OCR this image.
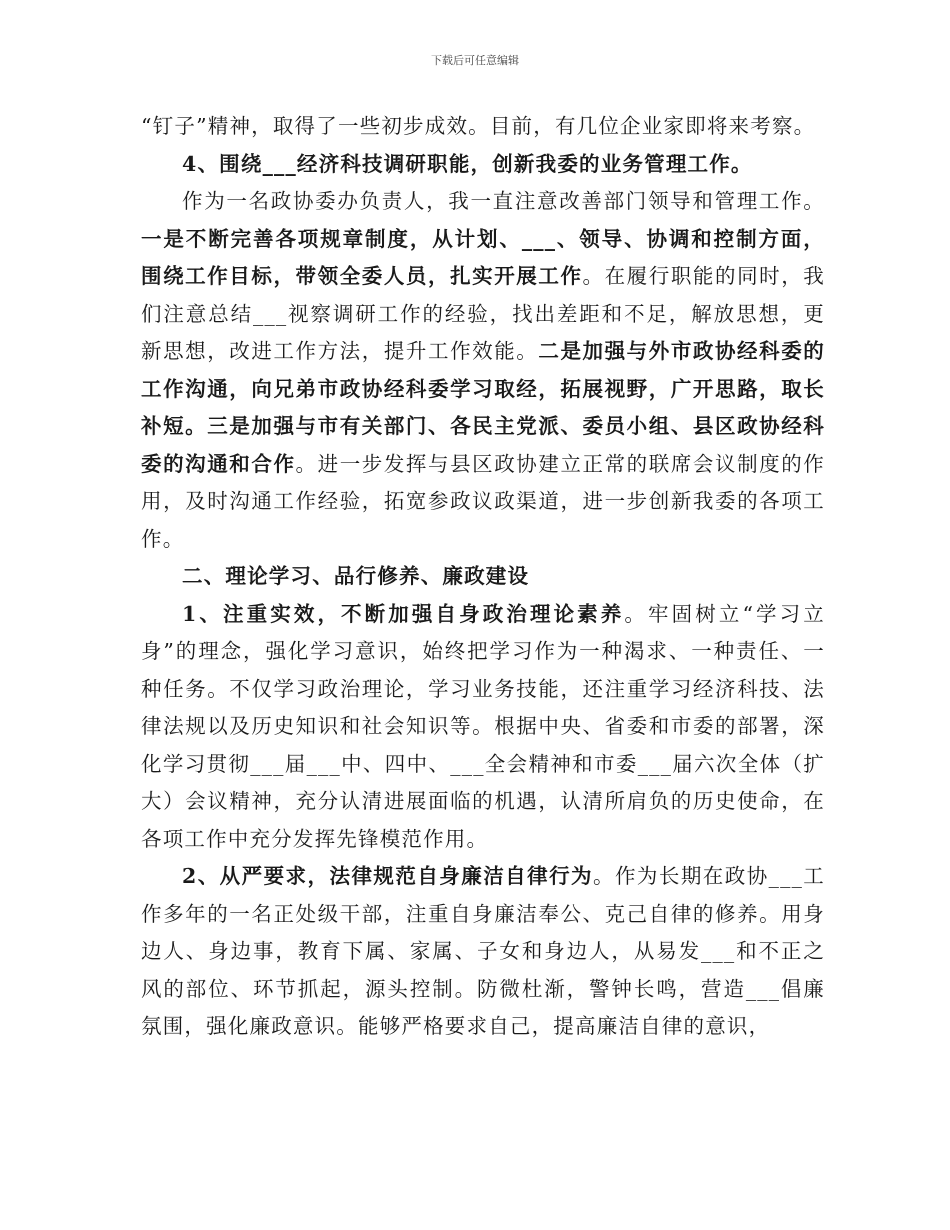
下载后可任意编辑

“钉子”精神，取得了一些初步成效。目前，有几位企业家即将来考察。

4、围绕___经济科技调研职能，创新我委的业务管理工作。

作为一名政协委办负责人，我一直注意改善部门领导和管理工作。一是不断完善各项规章制度，从计划、___、领导、协调和控制方面，围绕工作目标，带领全委人员，扎实开展工作。在履行职能的同时，我们注意总结___视察调研工作的经验，找出差距和不足，解放思想，更新思想，改进工作方法，提升工作效能。二是加强与外市政协经科委的工作沟通，向兄弟市政协经科委学习取经，拓展视野，广开思路，取长补短。三是加强与市有关部门、各民主党派、委员小组、县区政协经科委的沟通和合作。进一步发挥与县区政协建立正常的联席会议制度的作用，及时沟通工作经验，拓宽参政议政渠道，进一步创新我委的各项工作。

二、理论学习、品行修养、廉政建设

1、注重实效，不断加强自身政治理论素养。牢固树立“学习立身”的理念，强化学习意识，始终把学习作为一种渴求、一种责任、一种任务。不仅学习政治理论，学习业务技能，还注重学习经济科技、法律法规以及历史知识和社会知识等。根据中央、省委和市委的部署，深化学习贯彻___届___中、四中、___全会精神和市委___届六次全体（扩大）会议精神，充分认清进展面临的机遇，认清所肩负的历史使命，在各项工作中充分发挥先锋模范作用。

2、从严要求，法律规范自身廉洁自律行为。作为长期在政协___工作多年的一名正处级干部，注重自身廉洁奉公、克己自律的修养。用身边人、身边事，教育下属、家属、子女和身边人，从易发___和不正之风的部位、环节抓起，源头控制。防微杜渐，警钟长鸣，营造___倡廉氛围，强化廉政意识。能够严格要求自己，提高廉洁自律的意识，
